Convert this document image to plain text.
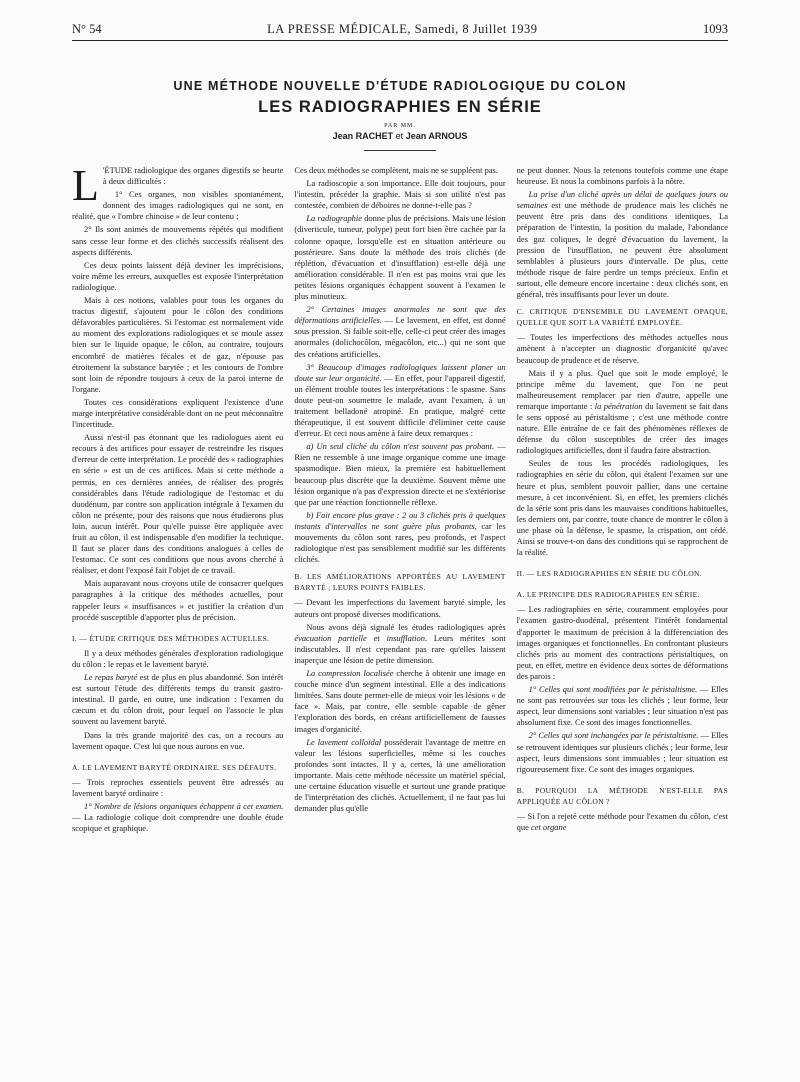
N° 54	LA PRESSE MÉDICALE, Samedi, 8 Juillet 1939	1093
UNE MÉTHODE NOUVELLE D'ÉTUDE RADIOLOGIQUE DU COLON
LES RADIOGRAPHIES EN SÉRIE
PAR MM.
Jean RACHET et Jean ARNOUS

L 'ÉTUDE radiologique des organes digestifs se heurte à deux difficultés :

1° Ces organes, non visibles spontanément, donnent des images radiologiques qui ne sont, en réalité, que « l'ombre chinoise » de leur contenu ;

2° Ils sont animés de mouvements répétés qui modifient sans cesse leur forme et des clichés successifs réalisent des aspects différents.

Ces deux points laissent déjà deviner les imprécisions, voire même les erreurs, auxquelles est exposée l'interprétation radiologique.

Mais à ces notions, valables pour tous les organes du tractus digestif, s'ajoutent pour le côlon des conditions défavorables particulières. Si l'estomac est normalement vide au moment des explorations radiologiques et se moule assez bien sur le liquide opaque, le côlon, au contraire, toujours encombré de matières fécales et de gaz, n'épouse pas étroitement la substance barytée ; et les contours de l'ombre sont loin de répondre toujours à ceux de la paroi interne de l'organe.

Toutes ces considérations expliquent l'existence d'une marge interprétative considérable dont on ne peut méconnaître l'incertitude.

Aussi n'est-il pas étonnant que les radiologues aient eu recours à des artifices pour essayer de restreindre les risques d'erreur de cette interprétation. Le procédé des « radiographies en série » est un de ces artifices. Mais si cette méthode a permis, en ces dernières années, de réaliser des progrès considérables dans l'étude radiologique de l'estomac et du duodénum, par contre son application intégrale à l'examen du côlon ne présente, pour des raisons que nous étudierons plus loin, aucun intérêt. Pour qu'elle puisse être appliquée avec fruit au côlon, il est indispensable d'en modifier la technique. Il faut se placer dans des conditions analogues à celles de l'estomac. Ce sont ces conditions que nous avons cherché à réaliser, et dont l'exposé fait l'objet de ce travail.

Mais auparavant nous croyons utile de consacrer quelques paragraphes à la critique des méthodes actuelles, pour rappeler leurs « insuffisances » et justifier la création d'un procédé susceptible d'apporter plus de précision.

I. — ÉTUDE CRITIQUE DES MÉTHODES ACTUELLES.

Il y a deux méthodes générales d'exploration radiologique du côlon : le repas et le lavement baryté.

Le repas baryté est de plus en plus abandonné. Son intérêt est surtout l'étude des différents temps du transit gastro-intestinal. Il garde, en outre, une indication : l'examen du cæcum et du côlon droit, pour lequel on l'associe le plus souvent au lavement baryté.

Dans la très grande majorité des cas, on a recours au lavement opaque. C'est lui que nous aurons en vue.

A. LE LAVEMENT BARYTÉ ORDINAIRE. SES DÉFAUTS.

— Trois reproches essentiels peuvent être adressés au lavement baryté ordinaire :

1° Nombre de lésions organiques échappent à cet examen. — La radiologie colique doit comprendre une double étude scopique et graphique.

Ces deux méthodes se complètent, mais ne se suppléent pas.

La radioscopie a son importance. Elle doit toujours, pour l'intestin, précéder la graphie. Mais si son utilité n'est pas contestée, combien de déboires ne donne-t-elle pas ?

La radiographie donne plus de précisions. Mais une lésion (diverticule, tumeur, polype) peut fort bien être cachée par la colonne opaque, lorsqu'elle est en situation antérieure ou postérieure. Sans doute la méthode des trois clichés (de réplétion, d'évacuation et d'insufflation) est-elle déjà une amélioration considérable. Il n'en est pas moins vrai que les petites lésions organiques échappent souvent à l'examen le plus minutieux.

2° Certaines images anormales ne sont que des déformations artificielles. — Le lavement, en effet, est donné sous pression. Si faible soit-elle, celle-ci peut créer des images anormales (dolichocôlon, mégacôlon, etc...) qui ne sont que des créations artificielles.

3° Beaucoup d'images radiologiques laissent planer un doute sur leur organicité. — En effet, pour l'appareil digestif, un élément trouble toutes les interprétations : le spasme. Sans doute peut-on soumettre le malade, avant l'examen, à un traitement belladoné atropiné. En pratique, malgré cette thérapeutique, il est souvent difficile d'éliminer cette cause d'erreur. Et ceci nous amène à faire deux remarques :

a) Un seul cliché du côlon n'est souvent pas probant. — Rien ne ressemble à une image organique comme une image spasmodique. Bien mieux, la première est habituellement beaucoup plus discrète que la deuxième. Souvent même une lésion organique n'a pas d'expression directe et ne s'extériorise que par une réaction fonctionnelle réflexe.

b) Fait encore plus grave : 2 ou 3 clichés pris à quelques instants d'intervalles ne sont guère plus probants, car les mouvements du côlon sont rares, peu profonds, et l'aspect radiologique n'est pas sensiblement modifié sur les différents clichés.

B. LES AMÉLIORATIONS APPORTÉES AU LAVEMENT BARYTÉ ; LEURS POINTS FAIBLES.

— Devant les imperfections du lavement baryté simple, les auteurs ont proposé diverses modifications.

Nous avons déjà signalé les études radiologiques après évacuation partielle et insufflation. Leurs mérites sont indiscutables. Il n'est cependant pas rare qu'elles laissent inaperçue une lésion de petite dimension.

La compression localisée cherche à obtenir une image en couche mince d'un segment intestinal. Elle a des indications limitées. Sans doute permet-elle de mieux voir les lésions « de face ». Mais, par contre, elle semble capable de gêner l'exploration des bords, en créant artificiellement de fausses images d'organicité.

Le lavement colloïdal posséderait l'avantage de mettre en valeur les lésions superficielles, même si les couches profondes sont intactes. Il y a, certes, là une amélioration importante. Mais cette méthode nécessite un matériel spécial, une certaine éducation visuelle et surtout une grande pratique de l'interprétation des clichés. Actuellement, il ne faut pas lui demander plus qu'elle

ne peut donner. Nous la retenons toutefois comme une étape heureuse. Et nous la combinons parfois à la nôtre.

La prise d'un cliché après un délai de quelques jours ou semaines est une méthode de prudence mais les clichés ne peuvent être pris dans des conditions identiques. La préparation de l'intestin, la position du malade, l'abondance des gaz coliques, le degré d'évacuation du lavement, la pression de l'insufflation, ne peuvent être absolument semblables à plusieurs jours d'intervalle. De plus, cette méthode risque de faire perdre un temps précieux. Enfin et surtout, elle demeure encore incertaine : deux clichés sont, en général, très insuffisants pour lever un doute.

C. CRITIQUE D'ENSEMBLE DU LAVEMENT OPAQUE, QUELLE QUE SOIT LA VARIÉTÉ EMPLOYÉE.

— Toutes les imperfections des méthodes actuelles nous amènent à n'accepter un diagnostic d'organicité qu'avec beaucoup de prudence et de réserve.

Mais il y a plus. Quel que soit le mode employé, le principe même du lavement, que l'on ne peut malheureusement remplacer par rien d'autre, appelle une remarque importante : la pénétration du lavement se fait dans le sens opposé au péristaltisme ; c'est une méthode contre nature. Elle entraîne de ce fait des phénomènes réflexes de défense du côlon susceptibles de créer des images radiologiques artificielles, dont il faudra faire abstraction.

Seules de tous les procédés radiologiques, les radiographies en série du côlon, qui étalent l'examen sur une heure et plus, semblent pouvoir pallier, dans une certaine mesure, à cet inconvénient. Si, en effet, les premiers clichés de la série sont pris dans les mauvaises conditions habituelles, les derniers ont, par contre, toute chance de montrer le côlon à une phase où la défense, le spasme, la crispation, ont cédé. Ainsi se trouve-t-on dans des conditions qui se rapprochent de la réalité.

II. — LES RADIOGRAPHIES EN SÉRIE DU CÔLON.

A. LE PRINCIPE DES RADIOGRAPHIES EN SÉRIE.

— Les radiographies en série, couramment employées pour l'examen gastro-duodénal, présentent l'intérêt fondamental d'apporter le maximum de précision à la différenciation des images organiques et fonctionnelles. En confrontant plusieurs clichés pris au moment des contractions péristaltiques, on peut, en effet, mettre en évidence deux sortes de déformations des parois :

1° Celles qui sont modifiées par le péristaltisme. — Elles ne sont pas retrouvées sur tous les clichés ; leur forme, leur aspect, leur dimensions sont variables ; leur situation n'est pas absolument fixe. Ce sont des images fonctionnelles.

2° Celles qui sont inchangées par le péristaltisme. — Elles se retrouvent identiques sur plusieurs clichés ; leur forme, leur aspect, leurs dimensions sont immuables ; leur situation est rigoureusement fixe. Ce sont des images organiques.

B. POURQUOI LA MÉTHODE N'EST-ELLE PAS APPLIQUÉE AU CÔLON ?

— Si l'on a rejeté cette méthode pour l'examen du côlon, c'est que cet organe
